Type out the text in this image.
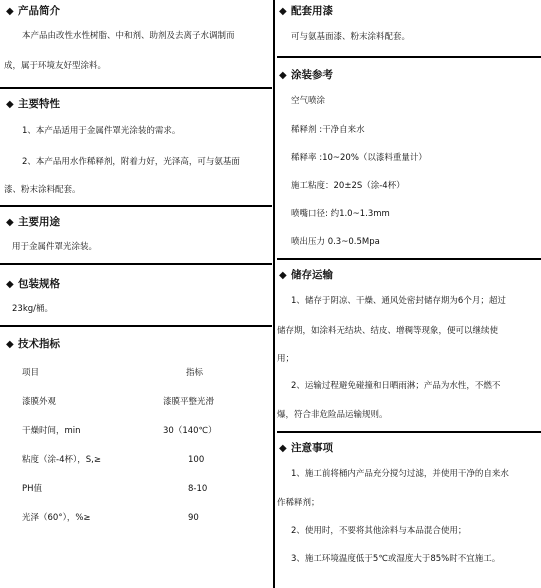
◆ 产品简介
本产品由改性水性树脂、中和剂、助剂及去离子水调制而
成，属于环境友好型涂料。
◆ 主要特性
1、本产品适用于金属件罩光涂装的需求。
2、本产品用水作稀释剂，附着力好，光泽高，可与氨基面
漆、粉末涂料配套。
◆ 主要用途
用于金属件罩光涂装。
◆ 包装规格
23kg/桶。
◆ 技术指标
项目	指标
漆膜外观	漆膜平整光滑
干燥时间，min	30（140℃）
粘度（涂-4杯），S,≥	100
PH值	8-10
光泽（60°），%≥	90
◆ 配套用漆
可与氨基面漆、粉末涂料配套。
◆ 涂装参考
空气喷涂
稀释剂 :干净自来水
稀释率 :10~20%（以漆料重量计）
施工粘度：20±2S（涂-4杯）
喷嘴口径: 约1.0~1.3mm
喷出压力 0.3~0.5Mpa
◆ 储存运输
1、储存于阴凉、干燥、通风处密封储存期为6个月；超过
储存期，如涂料无结块、结皮、增稠等现象，便可以继续使
用；
2、运输过程避免碰撞和日晒雨淋；产品为水性，不燃不
爆，符合非危险品运输规则。
◆ 注意事项
1、施工前将桶内产品充分搅匀过滤，并使用干净的自来水
作稀释剂；
2、使用时，不要将其他涂料与本品混合使用；
3、施工环境温度低于5℃或湿度大于85%时不宜施工。
